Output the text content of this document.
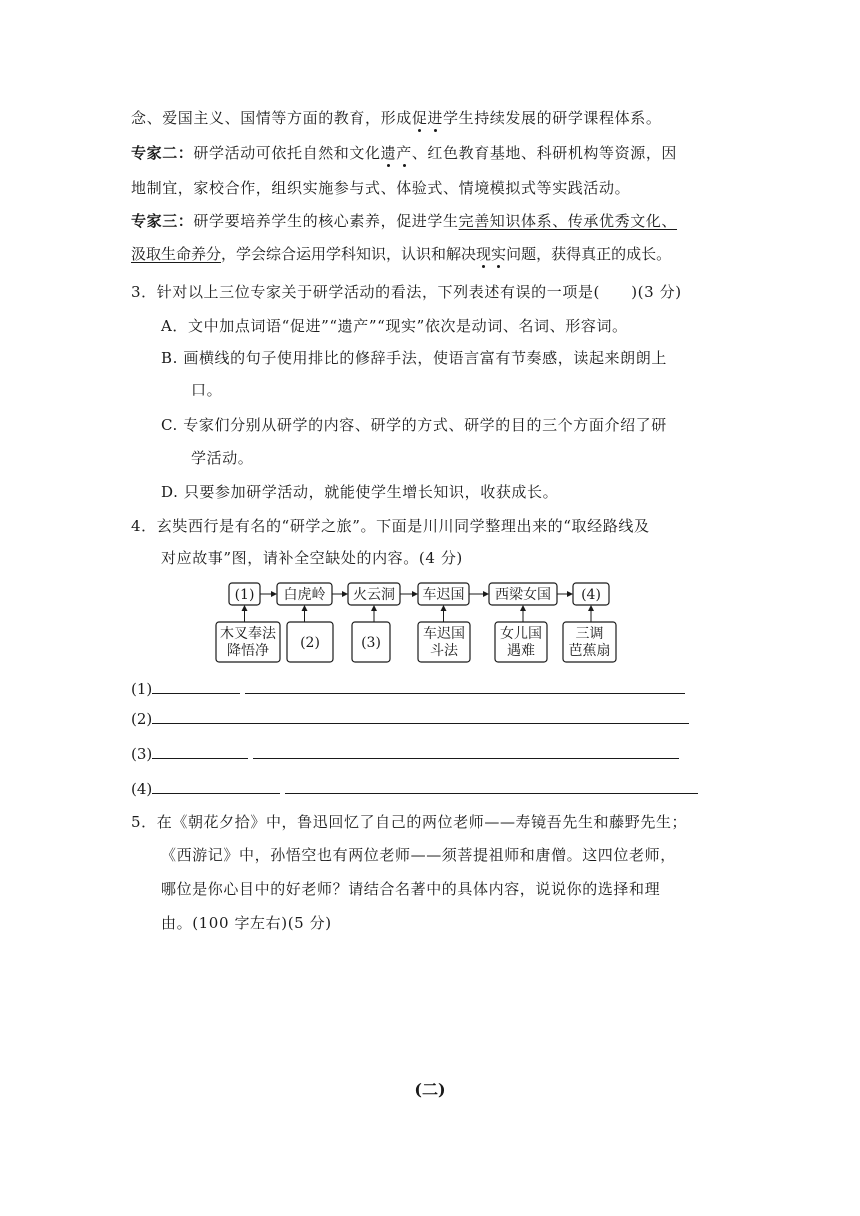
念、爱国主义、国情等方面的教育，形成促进学生持续发展的研学课程体系。
专家二：研学活动可依托自然和文化遗产、红色教育基地、科研机构等资源，因
地制宜，家校合作，组织实施参与式、体验式、情境模拟式等实践活动。
专家三：研学要培养学生的核心素养，促进学生完善知识体系、传承优秀文化、
汲取生命养分，学会综合运用学科知识，认识和解决现实问题，获得真正的成长。
3．针对以上三位专家关于研学活动的看法，下列表述有误的一项是(　　)(3 分)
A．文中加点词语“促进”“遗产”“现实”依次是动词、名词、形容词。
B. 画横线的句子使用排比的修辞手法，使语言富有节奏感，读起来朗朗上
口。
C. 专家们分别从研学的内容、研学的方式、研学的目的三个方面介绍了研
学活动。
D. 只要参加研学活动，就能使学生增长知识，收获成长。
4．玄奘西行是有名的“研学之旅”。下面是川川同学整理出来的“取经路线及
对应故事”图，请补全空缺处的内容。(4 分)
(1) 白虎岭 火云洞 车迟国 西梁女国 (4)
木叉奉法
降悟净 (2)	(3)
车迟国
斗法
女儿国
遇难
三调
芭蕉扇
(1)
(2)
(3)
(4)
5．在《朝花夕拾》中，鲁迅回忆了自己的两位老师——寿镜吾先生和藤野先生；
《西游记》中，孙悟空也有两位老师——须菩提祖师和唐僧。这四位老师，
哪位是你心目中的好老师？请结合名著中的具体内容，说说你的选择和理
由。(100 字左右)(5 分)
(二)
